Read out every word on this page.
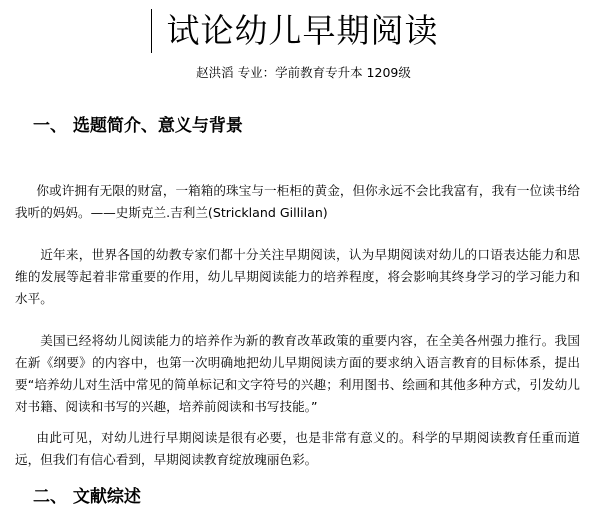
试论幼儿早期阅读
赵洪滔 专业：学前教育专升本 1209级
一、 选题简介、意义与背景

你或许拥有无限的财富，一箱箱的珠宝与一柜柜的黄金，但你永远不会比我富有，我有一位读书给我听的妈妈。——史斯克兰.吉利兰(Strickland Gillilan)

近年来，世界各国的幼教专家们都十分关注早期阅读，认为早期阅读对幼儿的口语表达能力和思维的发展等起着非常重要的作用，幼儿早期阅读能力的培养程度，将会影响其终身学习的学习能力和水平。

美国已经将幼儿阅读能力的培养作为新的教育改革政策的重要内容，在全美各州强力推行。我国在新《纲要》的内容中，也第一次明确地把幼儿早期阅读方面的要求纳入语言教育的目标体系，提出要“培养幼儿对生活中常见的简单标记和文字符号的兴趣；利用图书、绘画和其他多种方式，引发幼儿对书籍、阅读和书写的兴趣，培养前阅读和书写技能。”

由此可见，对幼儿进行早期阅读是很有必要，也是非常有意义的。科学的早期阅读教育任重而道远，但我们有信心看到，早期阅读教育绽放瑰丽色彩。

二、 文献综述
